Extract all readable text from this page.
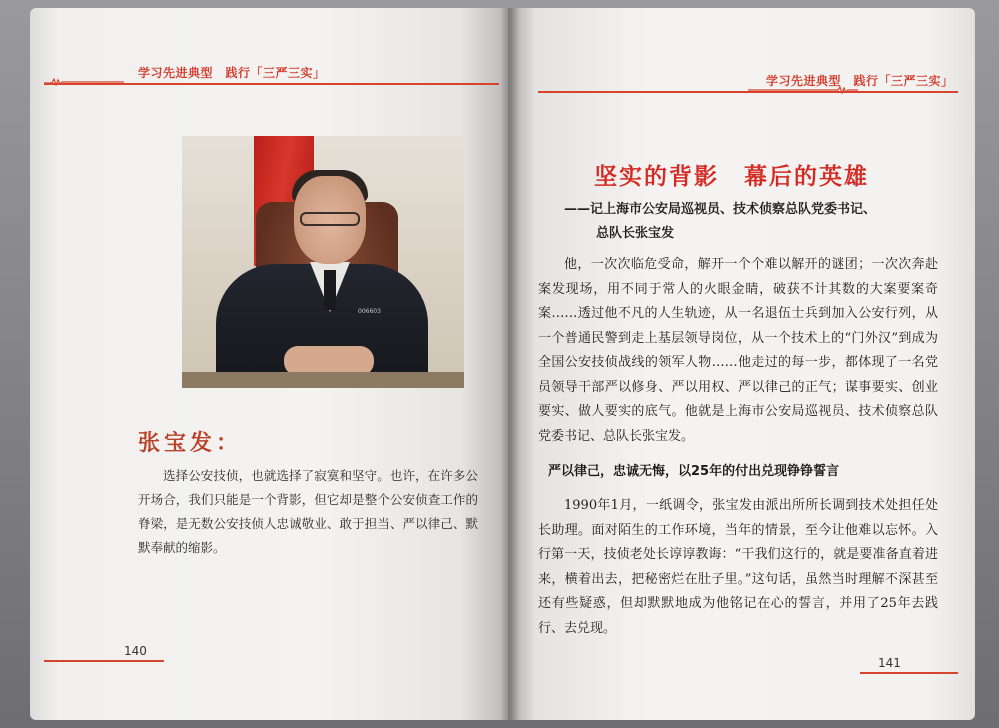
学习先进典型　践行「三严三实」
006603
张宝发：
选择公安技侦，也就选择了寂寞和坚守。也许，在许多公开场合，我们只能是一个背影，但它却是整个公安侦查工作的脊梁，是无数公安技侦人忠诚敬业、敢于担当、严以律己、默默奉献的缩影。
140
学习先进典型　践行「三严三实」
坚实的背影　幕后的英雄
——记上海市公安局巡视员、技术侦察总队党委书记、
总队长张宝发
他，一次次临危受命，解开一个个难以解开的谜团；一次次奔赴案发现场，用不同于常人的火眼金睛，破获不计其数的大案要案奇案……透过他不凡的人生轨迹，从一名退伍士兵到加入公安行列，从一个普通民警到走上基层领导岗位，从一个技术上的“门外汉”到成为全国公安技侦战线的领军人物……他走过的每一步，都体现了一名党员领导干部严以修身、严以用权、严以律己的正气；谋事要实、创业要实、做人要实的底气。他就是上海市公安局巡视员、技术侦察总队党委书记、总队长张宝发。
严以律己，忠诚无悔，以25年的付出兑现铮铮誓言
1990年1月，一纸调令，张宝发由派出所所长调到技术处担任处长助理。面对陌生的工作环境，当年的情景，至今让他难以忘怀。入行第一天，技侦老处长谆谆教诲：“干我们这行的，就是要准备直着进来，横着出去，把秘密烂在肚子里。”这句话，虽然当时理解不深甚至还有些疑惑，但却默默地成为他铭记在心的誓言，并用了25年去践行、去兑现。
141
